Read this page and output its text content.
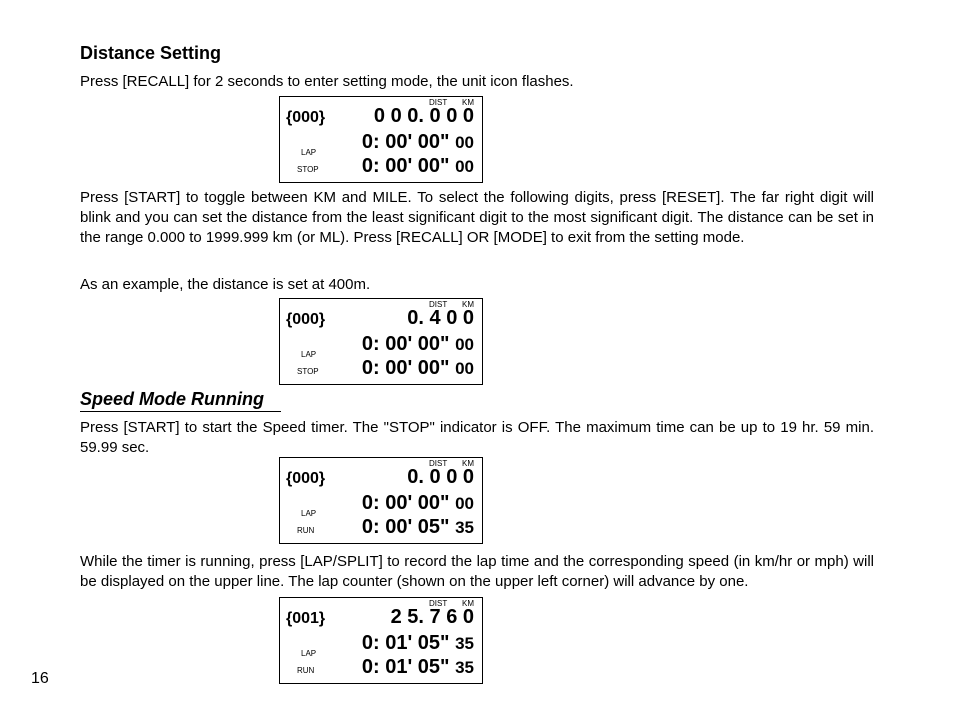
Distance Setting
Press [RECALL] for 2 seconds to enter setting mode, the unit icon flashes.
DIST KM
{000} 0 0 0. 0 0 0
0: 00' 00" 00
LAP
STOP 0: 00' 00" 00
Press [START] to toggle between KM and MILE. To select the following digits, press [RESET]. The far right digit will blink and you can set the distance from the least significant digit to the most significant digit. The distance can be set in the range 0.000 to 1999.999 km (or ML). Press [RECALL] OR [MODE] to exit from the setting mode.
As an example, the distance is set at 400m.
DIST KM
{000}	0. 4 0 0
0: 00' 00" 00
LAP
STOP 0: 00' 00" 00
Speed Mode Running
Press [START] to start the Speed timer. The "STOP" indicator is OFF. The maximum time can be up to 19 hr. 59 min. 59.99 sec.
DIST KM
{000}	0. 0 0 0
0: 00' 00" 00
LAP
RUN 0: 00' 05" 35
While the timer is running, press [LAP/SPLIT] to record the lap time and the corresponding speed (in km/hr or mph) will be displayed on the upper line. The lap counter (shown on the upper left corner) will advance by one.
DIST KM
{001}	2 5. 7 6 0
0: 01' 05" 35
LAP
RUN 0: 01' 05" 35
16
